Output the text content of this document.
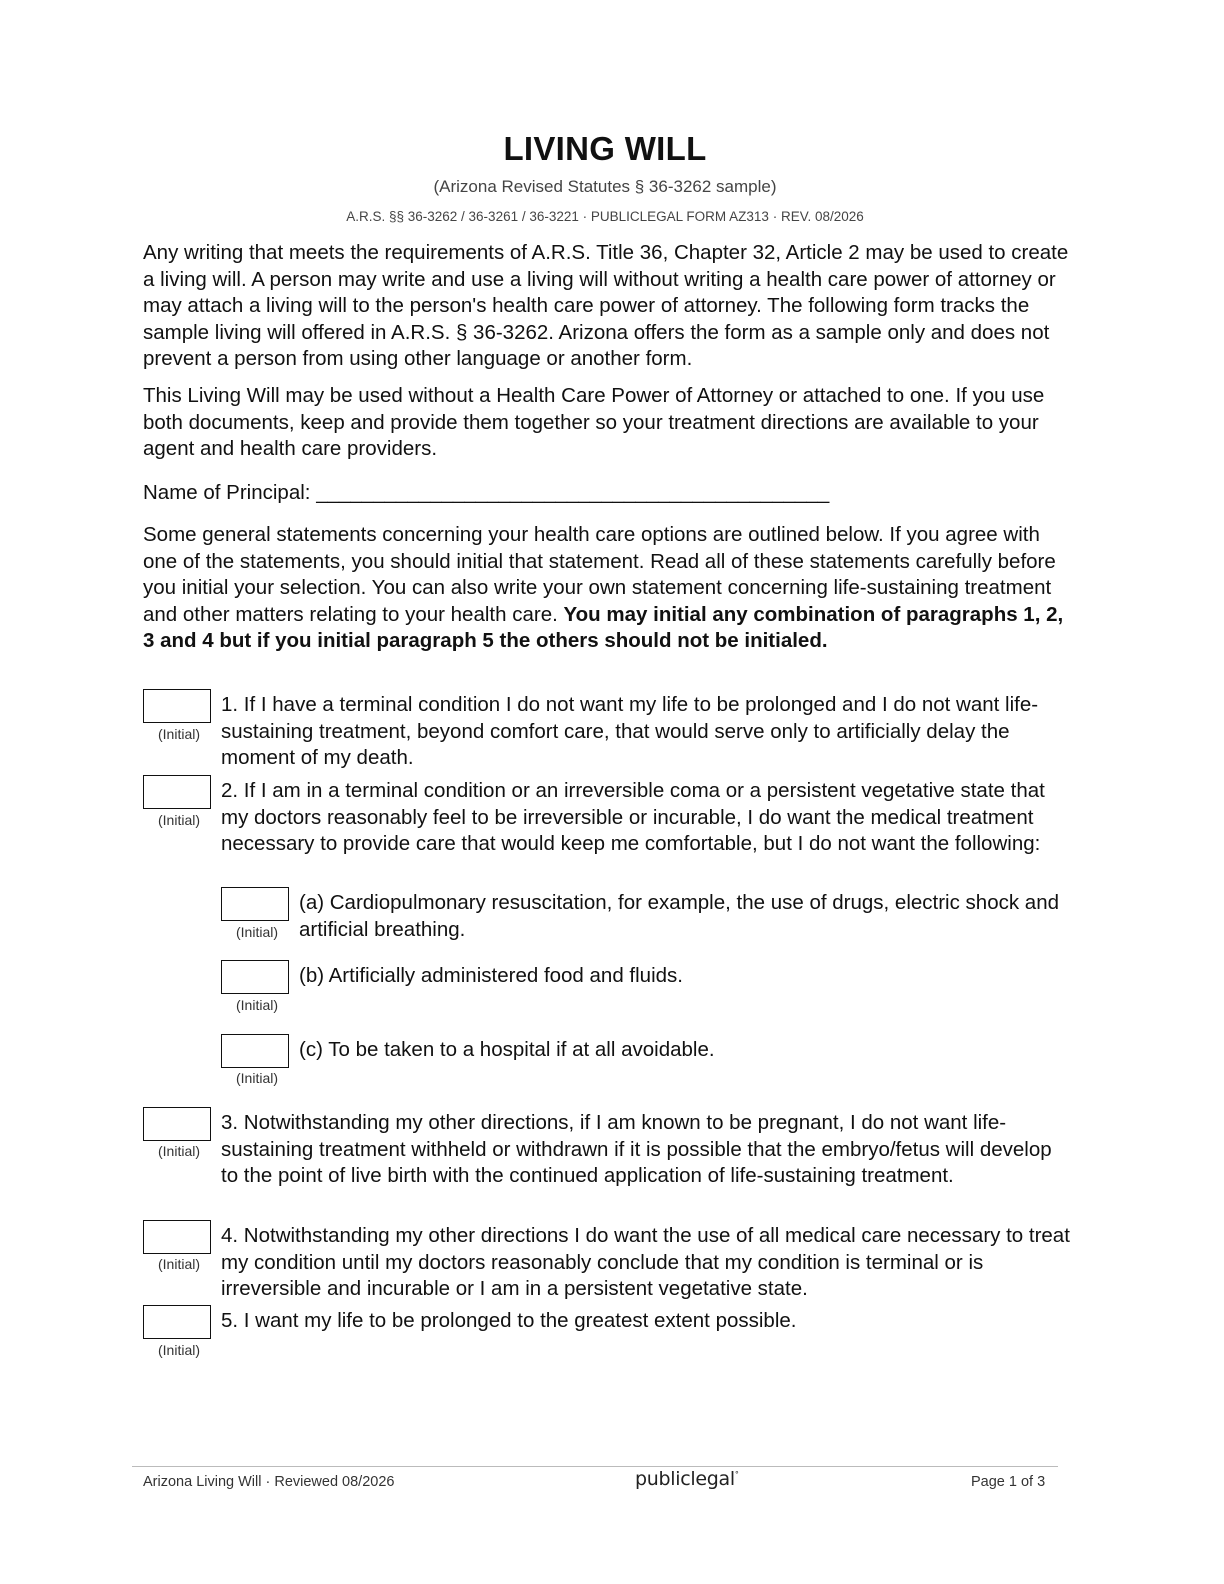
LIVING WILL
(Arizona Revised Statutes § 36-3262 sample)
A.R.S. §§ 36-3262 / 36-3261 / 36-3221 · PUBLICLEGAL FORM AZ313 · REV. 08/2026

Any writing that meets the requirements of A.R.S. Title 36, Chapter 32, Article 2 may be used to create a living will. A person may write and use a living will without writing a health care power of attorney or may attach a living will to the person's health care power of attorney. The following form tracks the sample living will offered in A.R.S. § 36-3262. Arizona offers the form as a sample only and does not prevent a person from using other language or another form.

This Living Will may be used without a Health Care Power of Attorney or attached to one. If you use both documents, keep and provide them together so your treatment directions are available to your agent and health care providers.

Name of Principal: _____________________________________________

Some general statements concerning your health care options are outlined below. If you agree with one of the statements, you should initial that statement. Read all of these statements carefully before you initial your selection. You can also write your own statement concerning life-sustaining treatment and other matters relating to your health care. You may initial any combination of paragraphs 1, 2, 3 and 4 but if you initial paragraph 5 the others should not be initialed.

(Initial)
1. If I have a terminal condition I do not want my life to be prolonged and I do not want life-sustaining treatment, beyond comfort care, that would serve only to artificially delay the moment of my death.
(Initial)
2. If I am in a terminal condition or an irreversible coma or a persistent vegetative state that my doctors reasonably feel to be irreversible or incurable, I do want the medical treatment necessary to provide care that would keep me comfortable, but I do not want the following:
(Initial)
(a) Cardiopulmonary resuscitation, for example, the use of drugs, electric shock and artificial breathing.
(Initial)
(b) Artificially administered food and fluids.
(Initial)
(c) To be taken to a hospital if at all avoidable.
(Initial)
3. Notwithstanding my other directions, if I am known to be pregnant, I do not want life-sustaining treatment withheld or withdrawn if it is possible that the embryo/fetus will develop to the point of live birth with the continued application of life-sustaining treatment.
(Initial)
4. Notwithstanding my other directions I do want the use of all medical care necessary to treat my condition until my doctors reasonably conclude that my condition is terminal or is irreversible and incurable or I am in a persistent vegetative state.
(Initial)
5. I want my life to be prolonged to the greatest extent possible.
Arizona Living Will · Reviewed 08/2026	publiclegal°	Page 1 of 3
